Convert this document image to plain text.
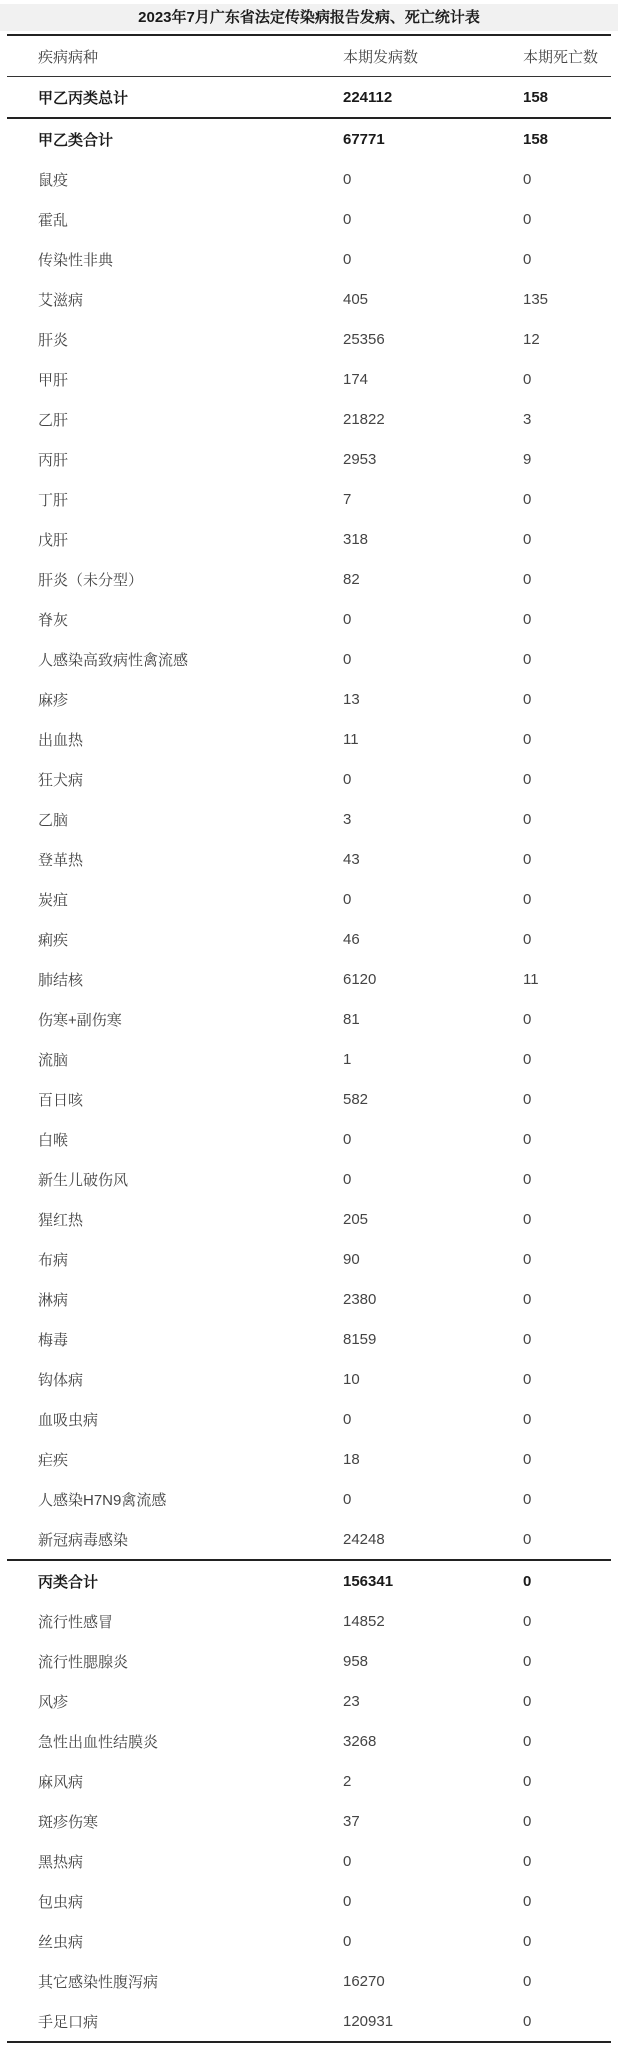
2023年7月广东省法定传染病报告发病、死亡统计表
疾病病种	本期发病数	本期死亡数
甲乙丙类总计	224112	158
甲乙类合计	67771	158
鼠疫	0	0
霍乱	0	0
传染性非典	0	0
艾滋病	405	135
肝炎	25356	12
甲肝	174	0
乙肝	21822	3
丙肝	2953	9
丁肝	7	0
戊肝	318	0
肝炎（未分型）	82	0
脊灰	0	0
人感染高致病性禽流感	0	0
麻疹	13	0
出血热	11	0
狂犬病	0	0
乙脑	3	0
登革热	43	0
炭疽	0	0
痢疾	46	0
肺结核	6120	11
伤寒+副伤寒	81	0
流脑	1	0
百日咳	582	0
白喉	0	0
新生儿破伤风	0	0
猩红热	205	0
布病	90	0
淋病	2380	0
梅毒	8159	0
钩体病	10	0
血吸虫病	0	0
疟疾	18	0
人感染H7N9禽流感	0	0
新冠病毒感染	24248	0
丙类合计	156341	0
流行性感冒	14852	0
流行性腮腺炎	958	0
风疹	23	0
急性出血性结膜炎	3268	0
麻风病	2	0
斑疹伤寒	37	0
黑热病	0	0
包虫病	0	0
丝虫病	0	0
其它感染性腹泻病	16270	0
手足口病	120931	0
